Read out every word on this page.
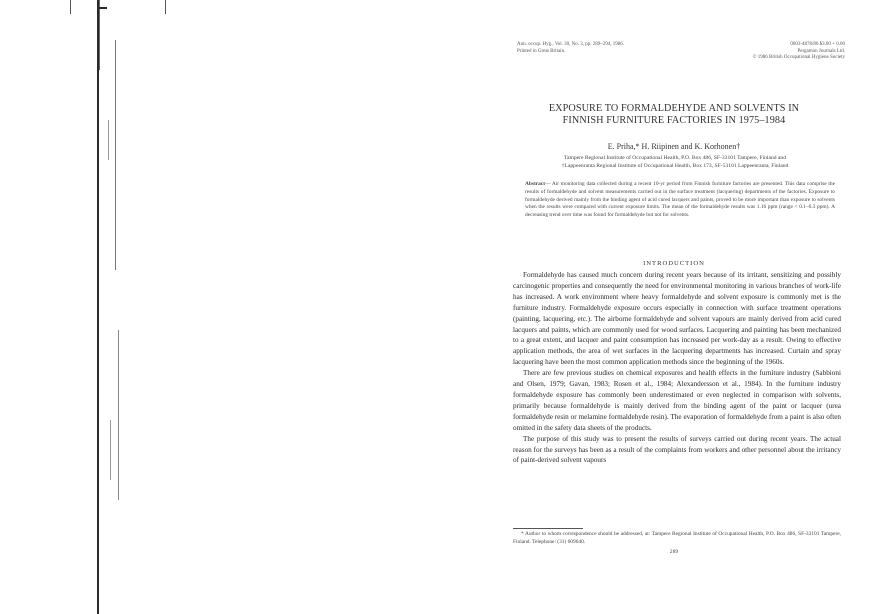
Ann. occup. Hyg., Vol. 30, No. 3, pp. 289–294, 1986.
Printed in Great Britain.
0003-4878/86 $3.00 + 0.00
Pergamon Journals Ltd.
© 1986 British Occupational Hygiene Society
EXPOSURE TO FORMALDEHYDE AND SOLVENTS IN
FINNISH FURNITURE FACTORIES IN 1975–1984
E. Priha,* H. Riipinen and K. Korhonen†
Tampere Regional Institute of Occupational Health, P.O. Box 486, SF-33101 Tampere, Finland and
†Lappeenranta Regional Institute of Occupational Health, Box 173, SF-53101 Lappeenranta, Finland
Abstract— Air monitoring data collected during a recent 10-yr period from Finnish furniture factories are presented. This data comprise the results of formaldehyde and solvent measurements carried out in the surface treatment (lacquering) departments of the factories. Exposure to formaldehyde derived mainly from the binding agent of acid cured lacquers and paints, proved to be more important than exposure to solvents when the results were compared with current exposure limits. The mean of the formaldehyde results was 1.16 ppm (range < 0.1–6.3 ppm). A decreasing trend over time was found for formaldehyde but not for solvents.
INTRODUCTION

Formaldehyde has caused much concern during recent years because of its irritant, sensitizing and possibly carcinogenic properties and consequently the need for environmental monitoring in various branches of work-life has increased. A work environment where heavy formaldehyde and solvent exposure is commonly met is the furniture industry. Formaldehyde exposure occurs especially in connection with surface treatment operations (painting, lacquering, etc.). The airborne formaldehyde and solvent vapours are mainly derived from acid cured lacquers and paints, which are commonly used for wood surfaces. Lacquering and painting has been mechanized to a great extent, and lacquer and paint consumption has increased per work-day as a result. Owing to effective application methods, the area of wet surfaces in the lacquering departments has increased. Curtain and spray lacquering have been the most common application methods since the beginning of the 1960s.

There are few previous studies on chemical exposures and health effects in the furniture industry (Sabbioni and Olsen, 1979; Gavan, 1983; Rosen et al., 1984; Alexandersson et al., 1984). In the furniture industry formaldehyde exposure has commonly been underestimated or even neglected in comparison with solvents, primarily because formaldehyde is mainly derived from the binding agent of the paint or lacquer (urea formaldehyde resin or melamine formaldehyde resin). The evaporation of formaldehyde from a paint is also often omitted in the safety data sheets of the products.

The purpose of this study was to present the results of surveys carried out during recent years. The actual reason for the surveys has been as a result of the complaints from workers and other personnel about the irritancy of paint-derived solvent vapours

* Author to whom correspondence should be addressed, at: Tampere Regional Institute of Occupational Health, P.O. Box 486, SF-33101 Tampere, Finland. Telephone: (31) 609640.
289
